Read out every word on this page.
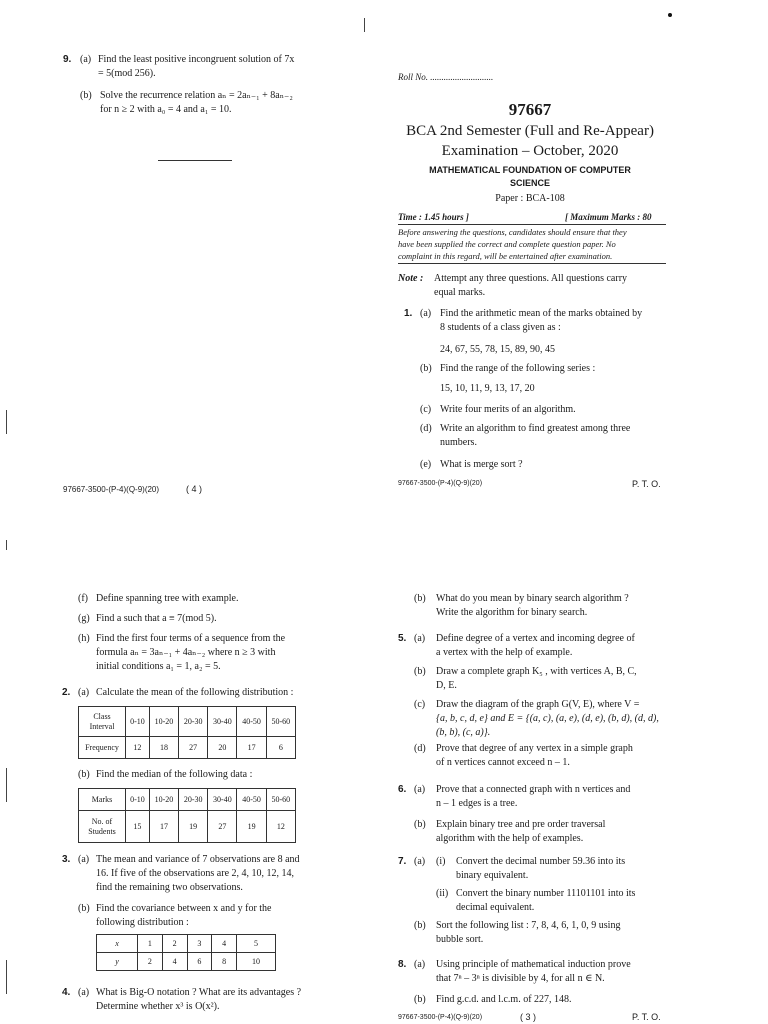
9. (a) Find the least positive incongruent solution of 7x
= 5(mod 256).
(b) Solve the recurrence relation aₙ = 2aₙ₋₁ + 8aₙ₋₂
for n ≥ 2 with a₀ = 4 and a₁ = 10.
97667-3500-(P-4)(Q-9)(20)	( 4 )
Roll No. ............................
97667
BCA 2nd Semester (Full and Re-Appear)
Examination – October, 2020
MATHEMATICAL FOUNDATION OF COMPUTER
SCIENCE
Paper : BCA-108
Time : 1.45 hours ]	[ Maximum Marks : 80
Before answering the questions, candidates should ensure that they
have been supplied the correct and complete question paper. No
complaint in this regard, will be entertained after examination.
Note : Attempt any three questions. All questions carry
equal marks.
1. (a) Find the arithmetic mean of the marks obtained by
8 students of a class given as :
24, 67, 55, 78, 15, 89, 90, 45
(b) Find the range of the following series :
15, 10, 11, 9, 13, 17, 20
(c) Write four merits of an algorithm.
(d) Write an algorithm to find greatest among three
numbers.
(e) What is merge sort ?
97667-3500-(P-4)(Q-9)(20)	P. T. O.
(f) Define spanning tree with example.
(g) Find a such that a ≡ 7(mod 5).
(h) Find the first four terms of a sequence from the
formula aₙ = 3aₙ₋₁ + 4aₙ₋₂ where n ≥ 3 with
initial conditions a₁ = 1, a₂ = 5.
2. (a) Calculate the mean of the following distribution :
Class Interval	0-10	10-20	20-30	30-40	40-50	50-60
Frequency	12	18	27	20	17	6
(b) Find the median of the following data :
Marks	0-10	10-20	20-30	30-40	40-50	50-60
No. of Students	15	17	19	27	19	12
3. (a) The mean and variance of 7 observations are 8 and
16. If five of the observations are 2, 4, 10, 12, 14,
find the remaining two observations.
(b) Find the covariance between x and y for the
following distribution :
x	1	2	3	4	5
y	2	4	6	8	10
4. (a) What is Big-O notation ? What are its advantages ?
Determine whether x³ is O(x²).
(b) What do you mean by binary search algorithm ?
Write the algorithm for binary search.
5. (a) Define degree of a vertex and incoming degree of
a vertex with the help of example.
(b) Draw a complete graph K₅ , with vertices A, B, C,
D, E.
(c) Draw the diagram of the graph G(V, E), where V =
{a, b, c, d, e} and E = {(a, c), (a, e), (d, e), (b, d), (d, d),
(b, b), (c, a)}.
(d) Prove that degree of any vertex in a simple graph
of n vertices cannot exceed n – 1.
6. (a) Prove that a connected graph with n vertices and
n – 1 edges is a tree.
(b) Explain binary tree and pre order traversal
algorithm with the help of examples.
7. (a) (i) Convert the decimal number 59.36 into its
binary equivalent.
(ii) Convert the binary number 11101101 into its
decimal equivalent.
(b) Sort the following list : 7, 8, 4, 6, 1, 0, 9 using
bubble sort.
8. (a) Using principle of mathematical induction prove
that 7ⁿ – 3ⁿ is divisible by 4, for all n ∈ N.
(b) Find g.c.d. and l.c.m. of 227, 148.
97667-3500-(P-4)(Q-9)(20)	( 3 )	P. T. O.
